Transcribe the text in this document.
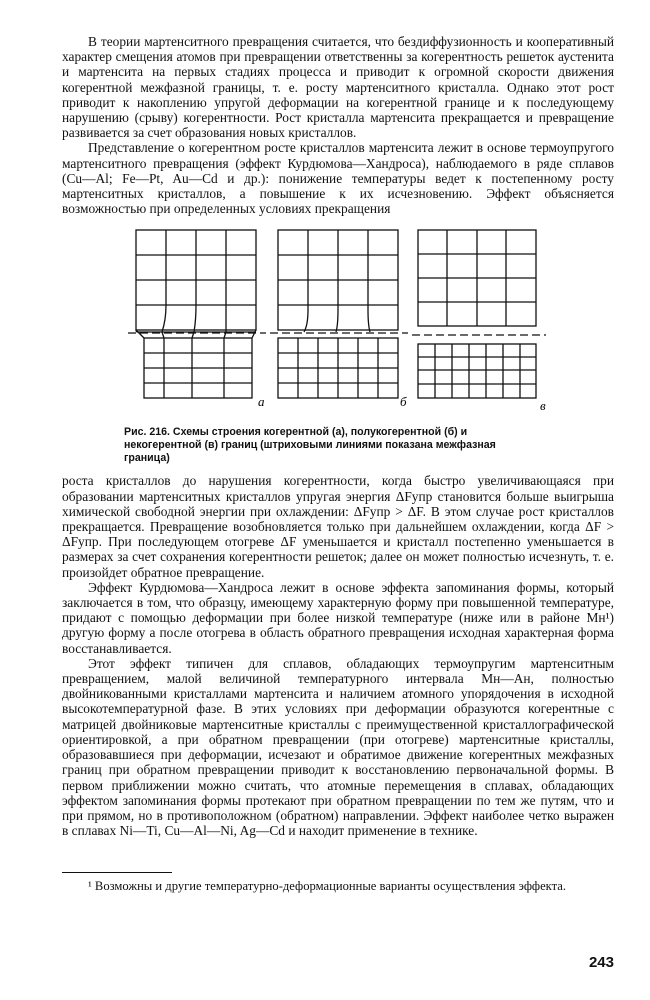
В теории мартенситного превращения считается, что бездиффузионность и кооперативный характер смещения атомов при превращении ответственны за когерентность решеток аустенита и мартенсита на первых стадиях процесса и приводит к огромной скорости движения когерентной межфазной границы, т. е. росту мартенситного кристалла. Однако этот рост приводит к накоплению упругой деформации на когерентной границе и к последующему нарушению (срыву) когерентности. Рост кристалла мартенсита прекращается и превращение развивается за счет образования новых кристаллов.

Представление о когерентном росте кристаллов мартенсита лежит в основе термоупругого мартенситного превращения (эффект Курдюмова—Хандроса), наблюдаемого в ряде сплавов (Cu—Al; Fe—Pt, Au—Cd и др.): понижение температуры ведет к постепенному росту мартенситных кристаллов, а повышение к их исчезновению. Эффект объясняется возможностью при определенных условиях прекращения

а	б	в
Рис. 216. Схемы строения когерентной (а), полукогерентной (б) и некогерентной (в) границ (штриховыми линиями показана межфазная граница)

роста кристаллов до нарушения когерентности, когда быстро увеличивающаяся при образовании мартенситных кристаллов упругая энергия ΔFупр становится больше выигрыша химической свободной энергии при охлаждении: ΔFупр > ΔF. В этом случае рост кристаллов прекращается. Превращение возобновляется только при дальнейшем охлаждении, когда ΔF > ΔFупр. При последующем отогреве ΔF уменьшается и кристалл постепенно уменьшается в размерах за счет сохранения когерентности решеток; далее он может полностью исчезнуть, т. е. произойдет обратное превращение.

Эффект Курдюмова—Хандроса лежит в основе эффекта запоминания формы, который заключается в том, что образцу, имеющему характерную форму при повышенной температуре, придают с помощью деформации при более низкой температуре (ниже или в районе Mн¹) другую форму а после отогрева в область обратного превращения исходная характерная форма восстанавливается.

Этот эффект типичен для сплавов, обладающих термоупругим мартенситным превращением, малой величиной температурного интервала Mн—Aн, полностью двойникованными кристаллами мартенсита и наличием атомного упорядочения в исходной высокотемпературной фазе. В этих условиях при деформации образуются когерентные с матрицей двойниковые мартенситные кристаллы с преимущественной кристаллографической ориентировкой, а при обратном превращении (при отогреве) мартенситные кристаллы, образовавшиеся при деформации, исчезают и обратимое движение когерентных межфазных границ при обратном превращении приводит к восстановлению первоначальной формы. В первом приближении можно считать, что атомные перемещения в сплавах, обладающих эффектом запоминания формы протекают при обратном превращении по тем же путям, что и при прямом, но в противоположном (обратном) направлении. Эффект наиболее четко выражен в сплавах Ni—Ti, Cu—Al—Ni, Ag—Cd и находит применение в технике.

¹ Возможны и другие температурно-деформационные варианты осуществления эффекта.

243
